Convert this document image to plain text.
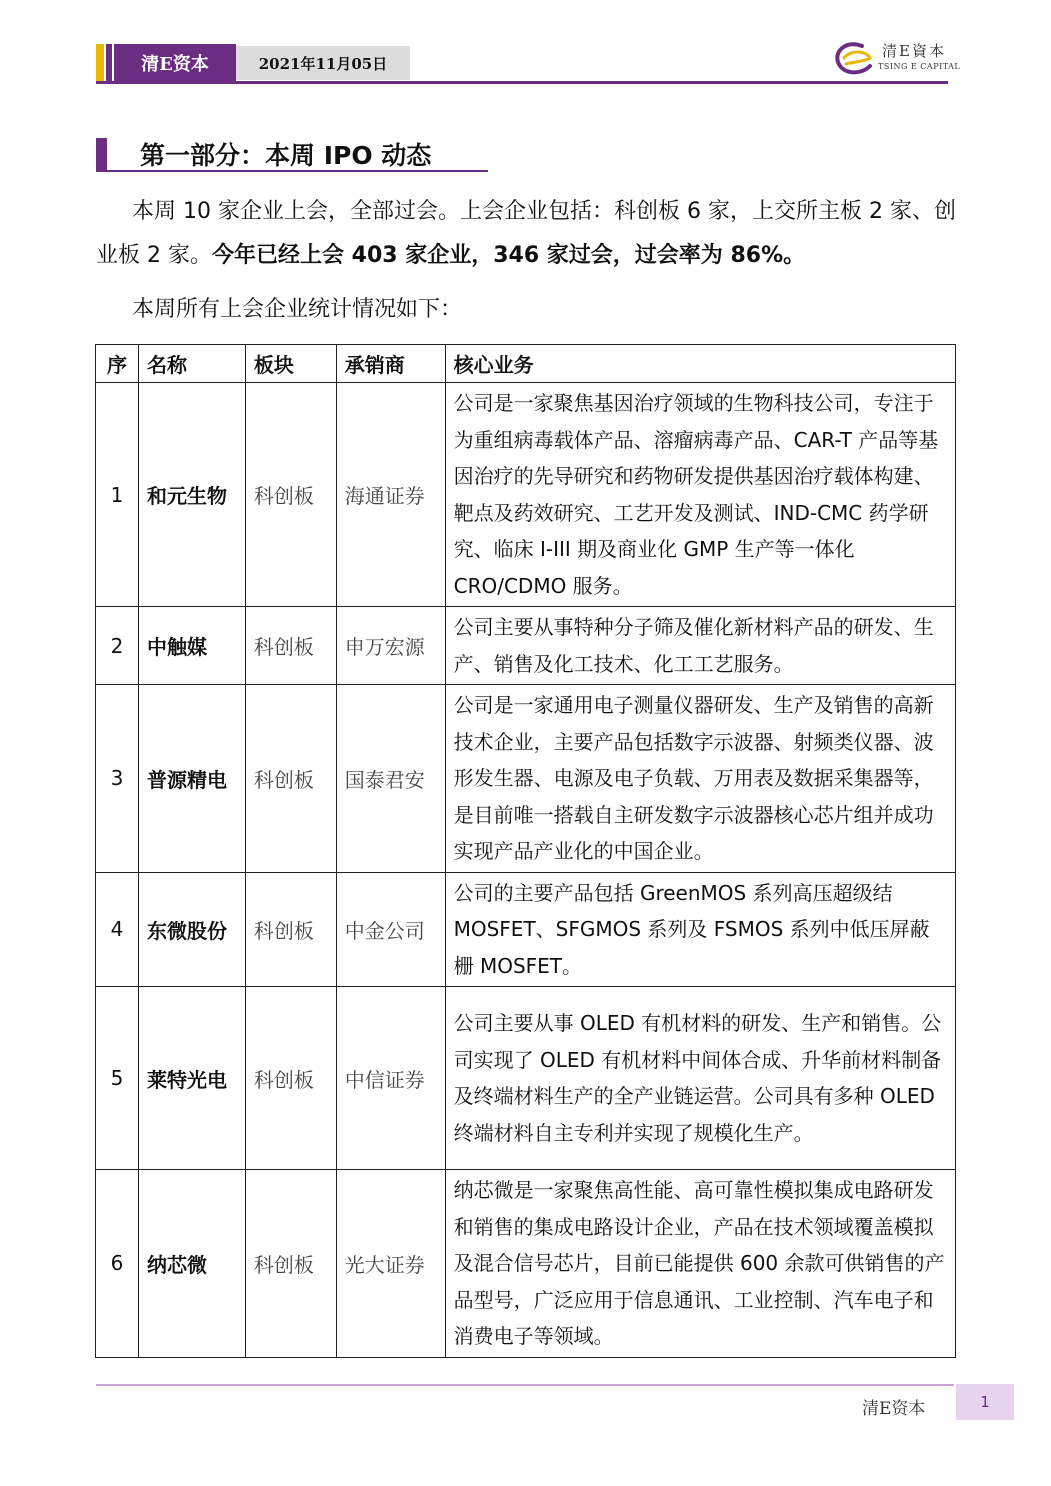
清E资本	2021年11月05日
清E資本
TSING E CAPITAL
第一部分：本周 IPO 动态
本周 10 家企业上会，全部过会。上会企业包括：科创板 6 家，上交所主板 2 家、创业板 2 家。今年已经上会 403 家企业，346 家过会，过会率为 86%。
本周所有上会企业统计情况如下：
序	名称	板块	承销商	核心业务
1	和元生物	科创板	海通证券	公司是一家聚焦基因治疗领域的生物科技公司，专注于为重组病毒载体产品、溶瘤病毒产品、CAR-T 产品等基因治疗的先导研究和药物研发提供基因治疗载体构建、靶点及药效研究、工艺开发及测试、IND-CMC 药学研究、临床 I-III 期及商业化 GMP 生产等一体化 CRO/CDMO 服务。
2	中触媒	科创板	申万宏源	公司主要从事特种分子筛及催化新材料产品的研发、生产、销售及化工技术、化工工艺服务。
3	普源精电	科创板	国泰君安	公司是一家通用电子测量仪器研发、生产及销售的高新技术企业，主要产品包括数字示波器、射频类仪器、波形发生器、电源及电子负载、万用表及数据采集器等，是目前唯一搭载自主研发数字示波器核心芯片组并成功实现产品产业化的中国企业。
4	东微股份	科创板	中金公司	公司的主要产品包括 GreenMOS 系列高压超级结 MOSFET、SFGMOS 系列及 FSMOS 系列中低压屏蔽栅 MOSFET。
5	莱特光电	科创板	中信证券	公司主要从事 OLED 有机材料的研发、生产和销售。公司实现了 OLED 有机材料中间体合成、升华前材料制备及终端材料生产的全产业链运营。公司具有多种 OLED 终端材料自主专利并实现了规模化生产。
6	纳芯微	科创板	光大证券	纳芯微是一家聚焦高性能、高可靠性模拟集成电路研发和销售的集成电路设计企业，产品在技术领域覆盖模拟及混合信号芯片，目前已能提供 600 余款可供销售的产品型号，广泛应用于信息通讯、工业控制、汽车电子和消费电子等领域。
清E资本	1
